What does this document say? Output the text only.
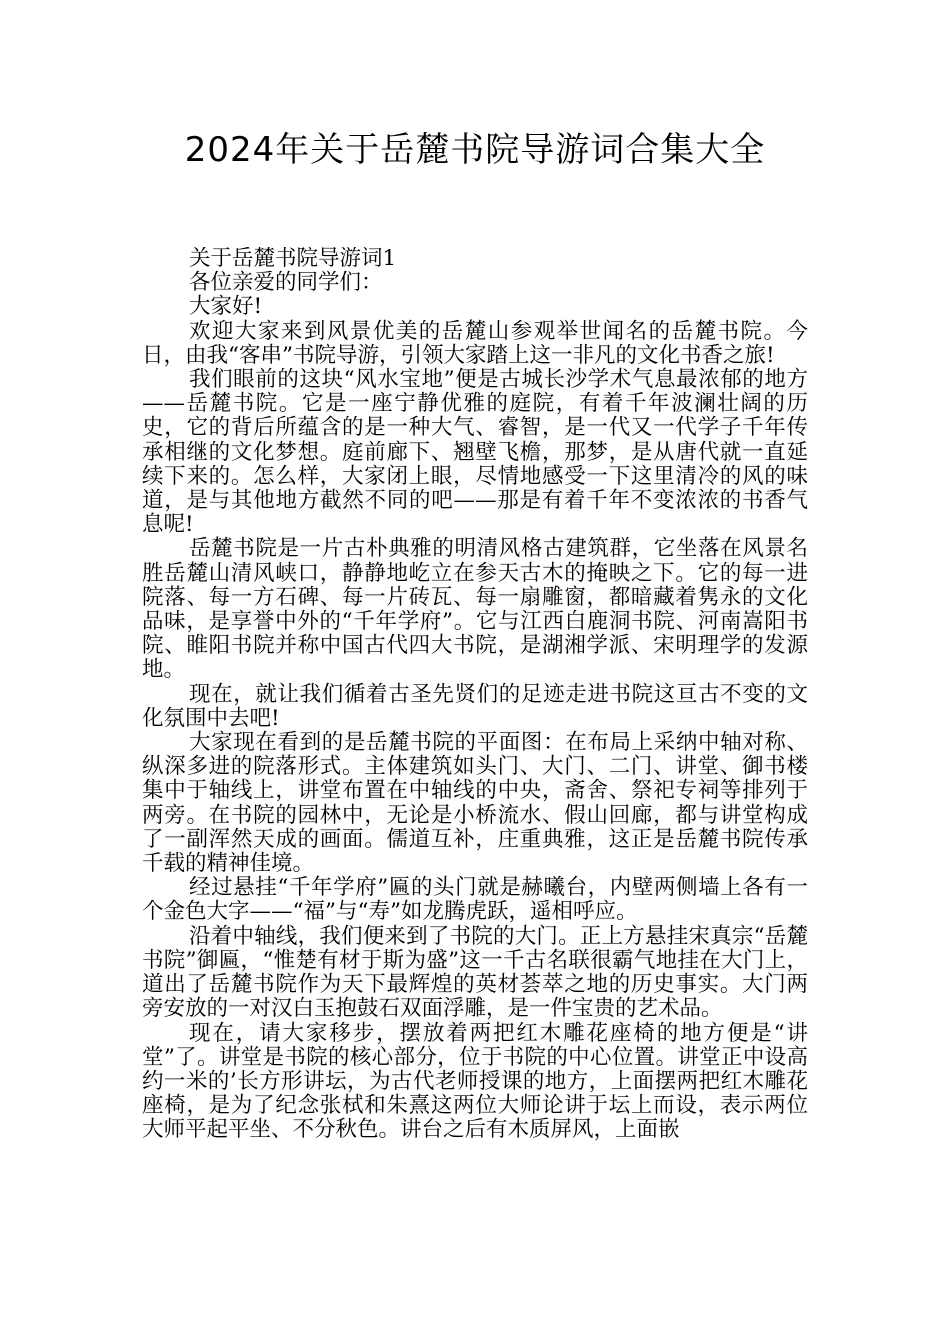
2024年关于岳麓书院导游词合集大全

关于岳麓书院导游词1

各位亲爱的同学们：

大家好!

欢迎大家来到风景优美的岳麓山参观举世闻名的岳麓书院。今日，由我“客串”书院导游，引领大家踏上这一非凡的文化书香之旅!

我们眼前的这块“风水宝地”便是古城长沙学术气息最浓郁的地方——岳麓书院。它是一座宁静优雅的庭院，有着千年波澜壮阔的历史，它的背后所蕴含的是一种大气、睿智，是一代又一代学子千年传承相继的文化梦想。庭前廊下、翘壁飞檐，那梦，是从唐代就一直延续下来的。怎么样，大家闭上眼，尽情地感受一下这里清冷的风的味道，是与其他地方截然不同的吧——那是有着千年不变浓浓的书香气息呢!

岳麓书院是一片古朴典雅的明清风格古建筑群，它坐落在风景名胜岳麓山清风峡口，静静地屹立在参天古木的掩映之下。它的每一进院落、每一方石碑、每一片砖瓦、每一扇雕窗，都暗藏着隽永的文化品味，是享誉中外的“千年学府”。它与江西白鹿洞书院、河南嵩阳书院、睢阳书院并称中国古代四大书院，是湖湘学派、宋明理学的发源地。

现在，就让我们循着古圣先贤们的足迹走进书院这亘古不变的文化氛围中去吧!

大家现在看到的是岳麓书院的平面图：在布局上采纳中轴对称、纵深多进的院落形式。主体建筑如头门、大门、二门、讲堂、御书楼集中于轴线上，讲堂布置在中轴线的中央，斋舍、祭祀专祠等排列于两旁。在书院的园林中，无论是小桥流水、假山回廊，都与讲堂构成了一副浑然天成的画面。儒道互补，庄重典雅，这正是岳麓书院传承千载的精神佳境。

经过悬挂“千年学府”匾的头门就是赫曦台，内壁两侧墙上各有一个金色大字——“福”与“寿”如龙腾虎跃，遥相呼应。

沿着中轴线，我们便来到了书院的大门。正上方悬挂宋真宗“岳麓书院”御匾，“惟楚有材于斯为盛”这一千古名联很霸气地挂在大门上，道出了岳麓书院作为天下最辉煌的英材荟萃之地的历史事实。大门两旁安放的一对汉白玉抱鼓石双面浮雕，是一件宝贵的艺术品。

现在，请大家移步，摆放着两把红木雕花座椅的地方便是“讲堂”了。讲堂是书院的核心部分，位于书院的中心位置。讲堂正中设高约一米的’长方形讲坛，为古代老师授课的地方，上面摆两把红木雕花座椅，是为了纪念张栻和朱熹这两位大师论讲于坛上而设，表示两位大师平起平坐、不分秋色。讲台之后有木质屏风，上面嵌
